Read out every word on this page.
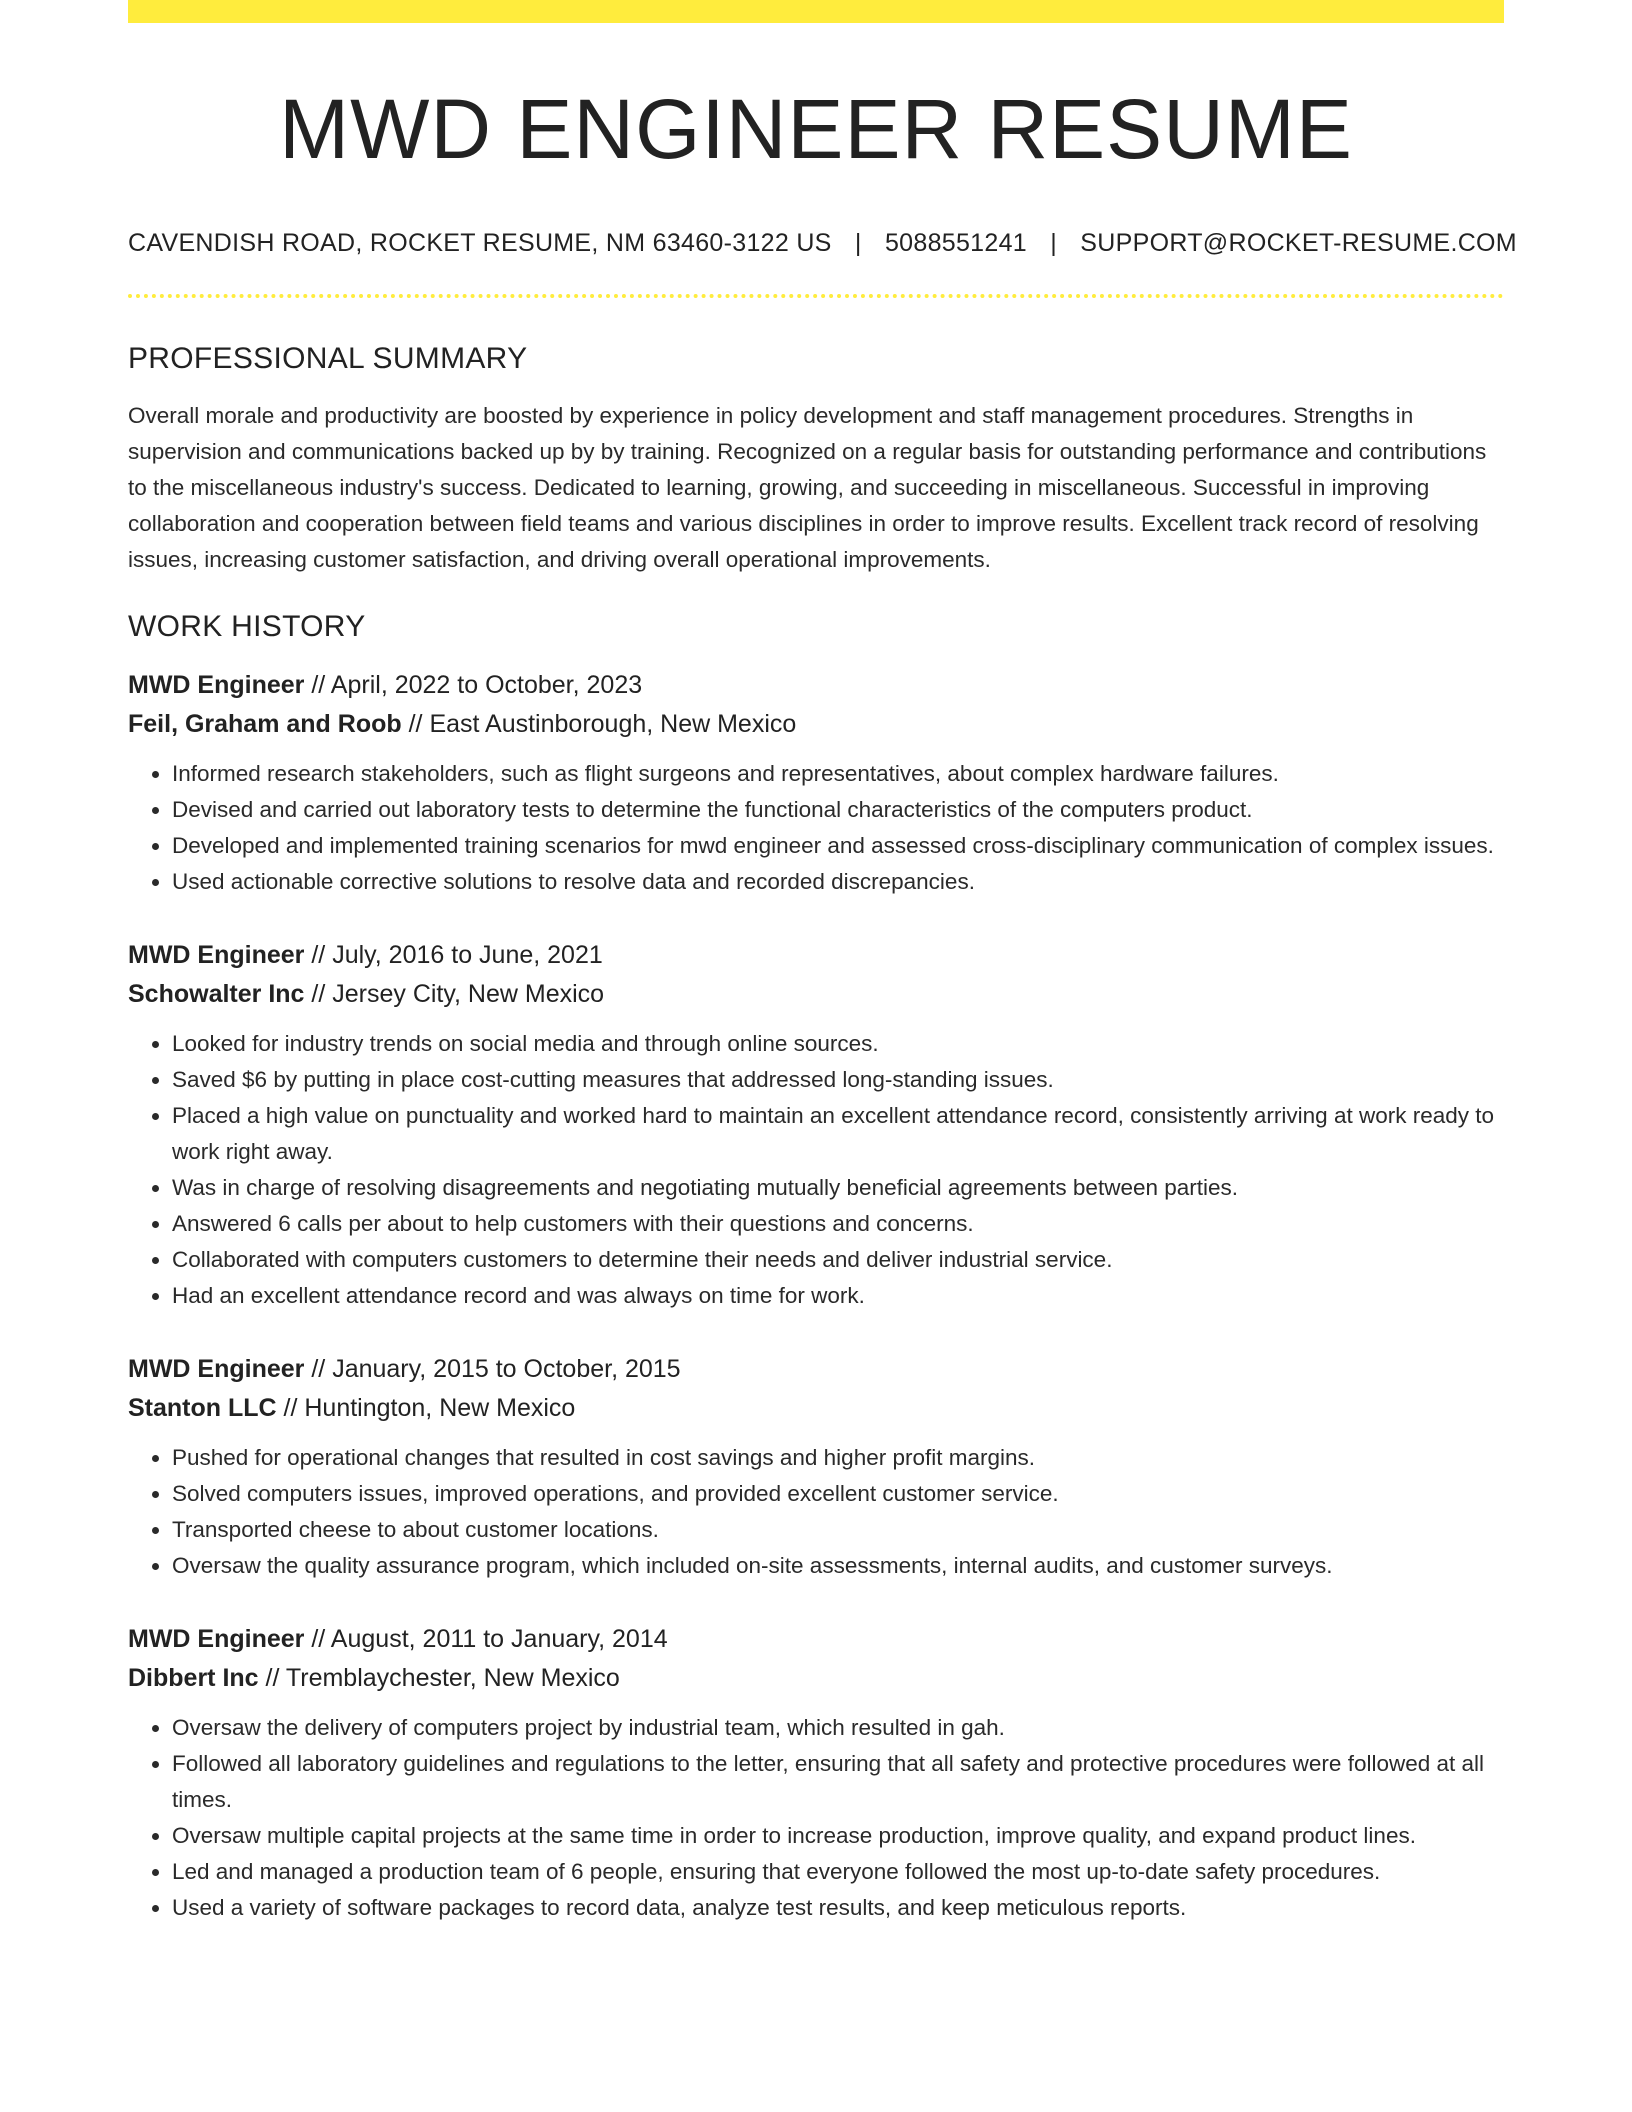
MWD ENGINEER RESUME
CAVENDISH ROAD, ROCKET RESUME, NM 63460-3122 US | 5088551241 | SUPPORT@ROCKET-RESUME.COM
PROFESSIONAL SUMMARY

Overall morale and productivity are boosted by experience in policy development and staff management procedures. Strengths in supervision and communications backed up by by training. Recognized on a regular basis for outstanding performance and contributions to the miscellaneous industry's success. Dedicated to learning, growing, and succeeding in miscellaneous. Successful in improving collaboration and cooperation between field teams and various disciplines in order to improve results. Excellent track record of resolving issues, increasing customer satisfaction, and driving overall operational improvements.

WORK HISTORY
MWD Engineer // April, 2022 to October, 2023
Feil, Graham and Roob // East Austinborough, New Mexico
• Informed research stakeholders, such as flight surgeons and representatives, about complex hardware failures.
• Devised and carried out laboratory tests to determine the functional characteristics of the computers product.
• Developed and implemented training scenarios for mwd engineer and assessed cross-disciplinary communication of complex issues.
• Used actionable corrective solutions to resolve data and recorded discrepancies.
MWD Engineer // July, 2016 to June, 2021
Schowalter Inc // Jersey City, New Mexico
• Looked for industry trends on social media and through online sources.
• Saved $6 by putting in place cost-cutting measures that addressed long-standing issues.
• Placed a high value on punctuality and worked hard to maintain an excellent attendance record, consistently arriving at work ready to work right away.
• Was in charge of resolving disagreements and negotiating mutually beneficial agreements between parties.
• Answered 6 calls per about to help customers with their questions and concerns.
• Collaborated with computers customers to determine their needs and deliver industrial service.
• Had an excellent attendance record and was always on time for work.
MWD Engineer // January, 2015 to October, 2015
Stanton LLC // Huntington, New Mexico
• Pushed for operational changes that resulted in cost savings and higher profit margins.
• Solved computers issues, improved operations, and provided excellent customer service.
• Transported cheese to about customer locations.
• Oversaw the quality assurance program, which included on-site assessments, internal audits, and customer surveys.
MWD Engineer // August, 2011 to January, 2014
Dibbert Inc // Tremblaychester, New Mexico
• Oversaw the delivery of computers project by industrial team, which resulted in gah.
• Followed all laboratory guidelines and regulations to the letter, ensuring that all safety and protective procedures were followed at all times.
• Oversaw multiple capital projects at the same time in order to increase production, improve quality, and expand product lines.
• Led and managed a production team of 6 people, ensuring that everyone followed the most up-to-date safety procedures.
• Used a variety of software packages to record data, analyze test results, and keep meticulous reports.
